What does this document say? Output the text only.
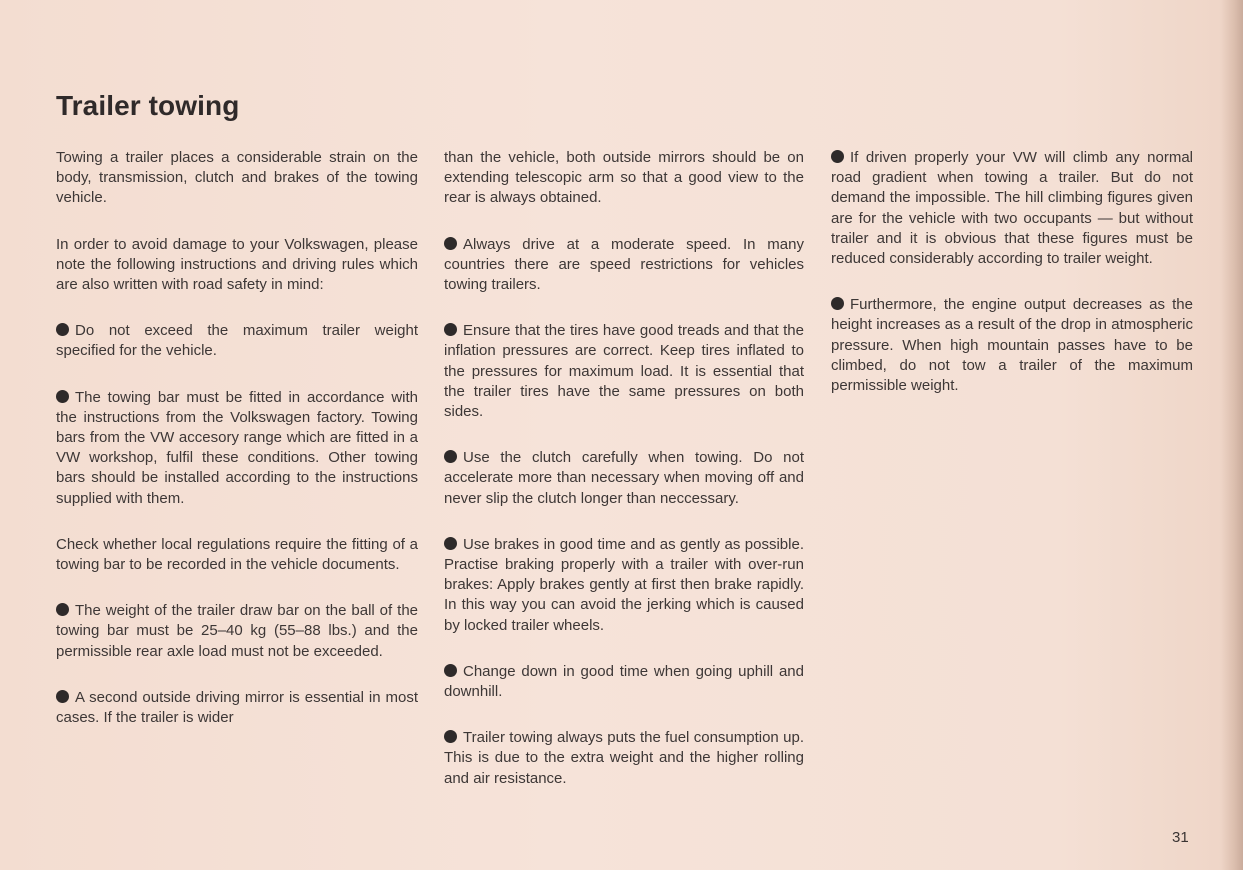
Trailer towing

Towing a trailer places a considerable strain on the body, transmission, clutch and brakes of the towing vehicle.

In order to avoid damage to your Volkswagen, please note the following instructions and driving rules which are also written with road safety in mind:

Do not exceed the maximum trailer weight specified for the vehicle.

The towing bar must be fitted in accordance with the instructions from the Volkswagen factory. Towing bars from the VW accesory range which are fitted in a VW workshop, fulfil these conditions. Other towing bars should be installed according to the instructions supplied with them.

Check whether local regulations require the fitting of a towing bar to be recorded in the vehicle documents.

The weight of the trailer draw bar on the ball of the towing bar must be 25–40 kg (55–88 lbs.) and the permissible rear axle load must not be exceeded.

A second outside driving mirror is essential in most cases. If the trailer is wider

than the vehicle, both outside mirrors should be on extending telescopic arm so that a good view to the rear is always obtained.

Always drive at a moderate speed. In many countries there are speed restrictions for vehicles towing trailers.

Ensure that the tires have good treads and that the inflation pressures are correct. Keep tires inflated to the pressures for maximum load. It is essential that the trailer tires have the same pressures on both sides.

Use the clutch carefully when towing. Do not accelerate more than necessary when moving off and never slip the clutch longer than neccessary.

Use brakes in good time and as gently as possible. Practise braking properly with a trailer with over-run brakes: Apply brakes gently at first then brake rapidly. In this way you can avoid the jerking which is caused by locked trailer wheels.

Change down in good time when going uphill and downhill.

Trailer towing always puts the fuel consumption up. This is due to the extra weight and the higher rolling and air resistance.

If driven properly your VW will climb any normal road gradient when towing a trailer. But do not demand the impossible. The hill climbing figures given are for the vehicle with two occupants — but without trailer and it is obvious that these figures must be reduced considerably according to trailer weight.

Furthermore, the engine output decreases as the height increases as a result of the drop in atmospheric pressure. When high mountain passes have to be climbed, do not tow a trailer of the maximum permissible weight.

31
